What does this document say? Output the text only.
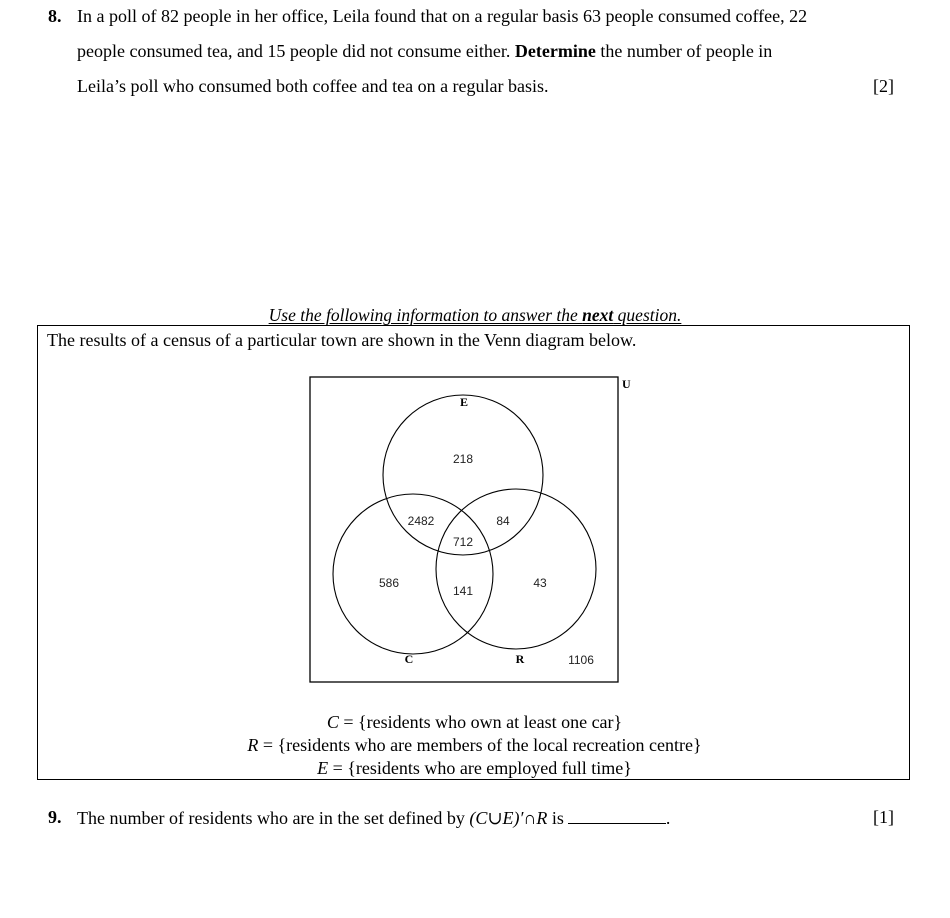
8. In a poll of 82 people in her office, Leila found that on a regular basis 63 people consumed coffee, 22
people consumed tea, and 15 people did not consume either. Determine the number of people in
Leila’s poll who consumed both coffee and tea on a regular basis.	[2]
Use the following information to answer the next question.
The results of a census of a particular town are shown in the Venn diagram below.
U
E
C	R
218
2482	84
712
586
141
43
1106
C = {residents who own at least one car}
R = {residents who are members of the local recreation centre}
E = {residents who are employed full time}
9. The number of residents who are in the set defined by (C∪E)′∩R is	.	[1]
